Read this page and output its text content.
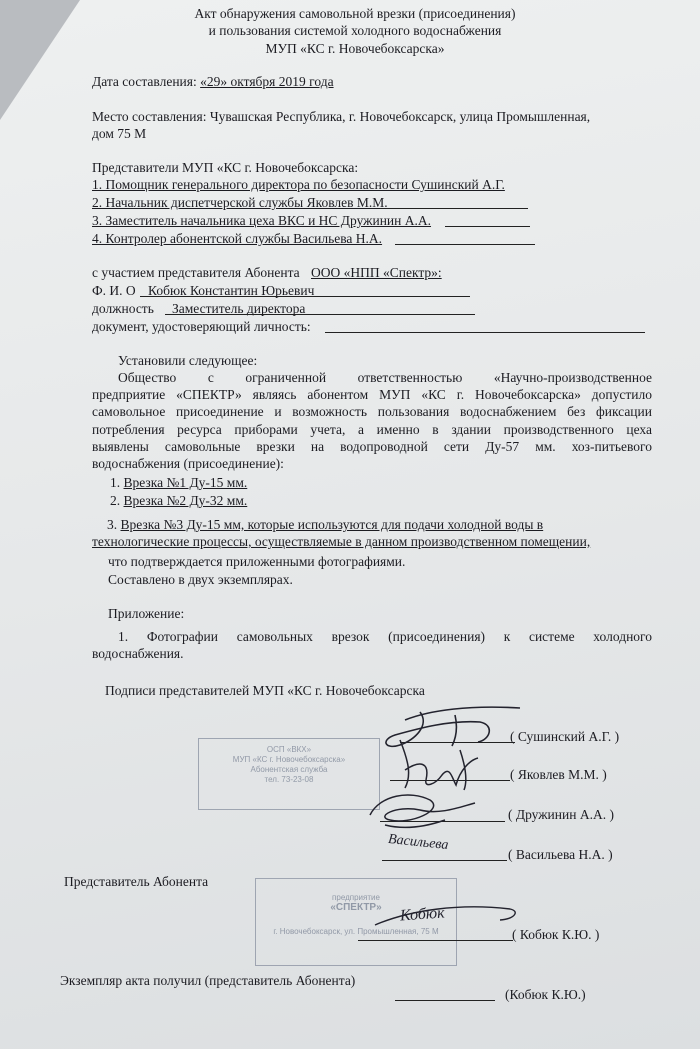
Акт обнаружения самовольной врезки (присоединения)
и пользования системой холодного водоснабжения
МУП «КС г. Новочебоксарска»
Дата составления: «29» октября 2019 года
Место составления: Чувашская Республика, г. Новочебоксарск, улица Промышленная,
дом 75 М
Представители МУП «КС г. Новочебоксарска:
1. Помощник генерального директора по безопасности Сушинский А.Г.
2. Начальник диспетчерской службы Яковлев М.М.
3. Заместитель начальника цеха ВКС и НС Дружинин А.А.
4. Контролер абонентской службы Васильева Н.А.
с участием представителя Абонента ООО «НПП «Спектр»:
Ф. И. О Кобюк Константин Юрьевич
должность Заместитель директора
документ, удостоверяющий личность:
Установили следующее:
Общество с ограниченной ответственностью «Научно-производственное
предприятие «СПЕКТР» являясь абонентом МУП «КС г. Новочебоксарска» допустило
самовольное присоединение и возможность пользования водоснабжением без фиксации
потребления ресурса приборами учета, а именно в здании производственного цеха
выявлены самовольные врезки на водопроводной сети Ду-57 мм. хоз-питьевого
водоснабжения (присоединение):
1. Врезка №1 Ду-15 мм.
2. Врезка №2 Ду-32 мм.
3. Врезка №3 Ду-15 мм, которые используются для подачи холодной воды в
технологические процессы, осуществляемые в данном производственном помещении,
что подтверждается приложенными фотографиями.
Составлено в двух экземплярах.
Приложение:
1. Фотографии самовольных врезок (присоединения) к системе холодного
водоснабжения.
Подписи представителей МУП «КС г. Новочебоксарска
ОСП «ВКХ»
МУП «КС г. Новочебоксарска»
Абонентская служба
тел. 73-23-08
( Сушинский А.Г. )
( Яковлев М.М. )
( Дружинин А.А. )
( Васильева Н.А. )
Васильева
Представитель Абонента
предприятие
«СПЕКТР»
г. Новочебоксарск, ул. Промышленная, 75 М
Кобюк
( Кобюк К.Ю. )
Экземпляр акта получил (представитель Абонента)
(Кобюк К.Ю.)
